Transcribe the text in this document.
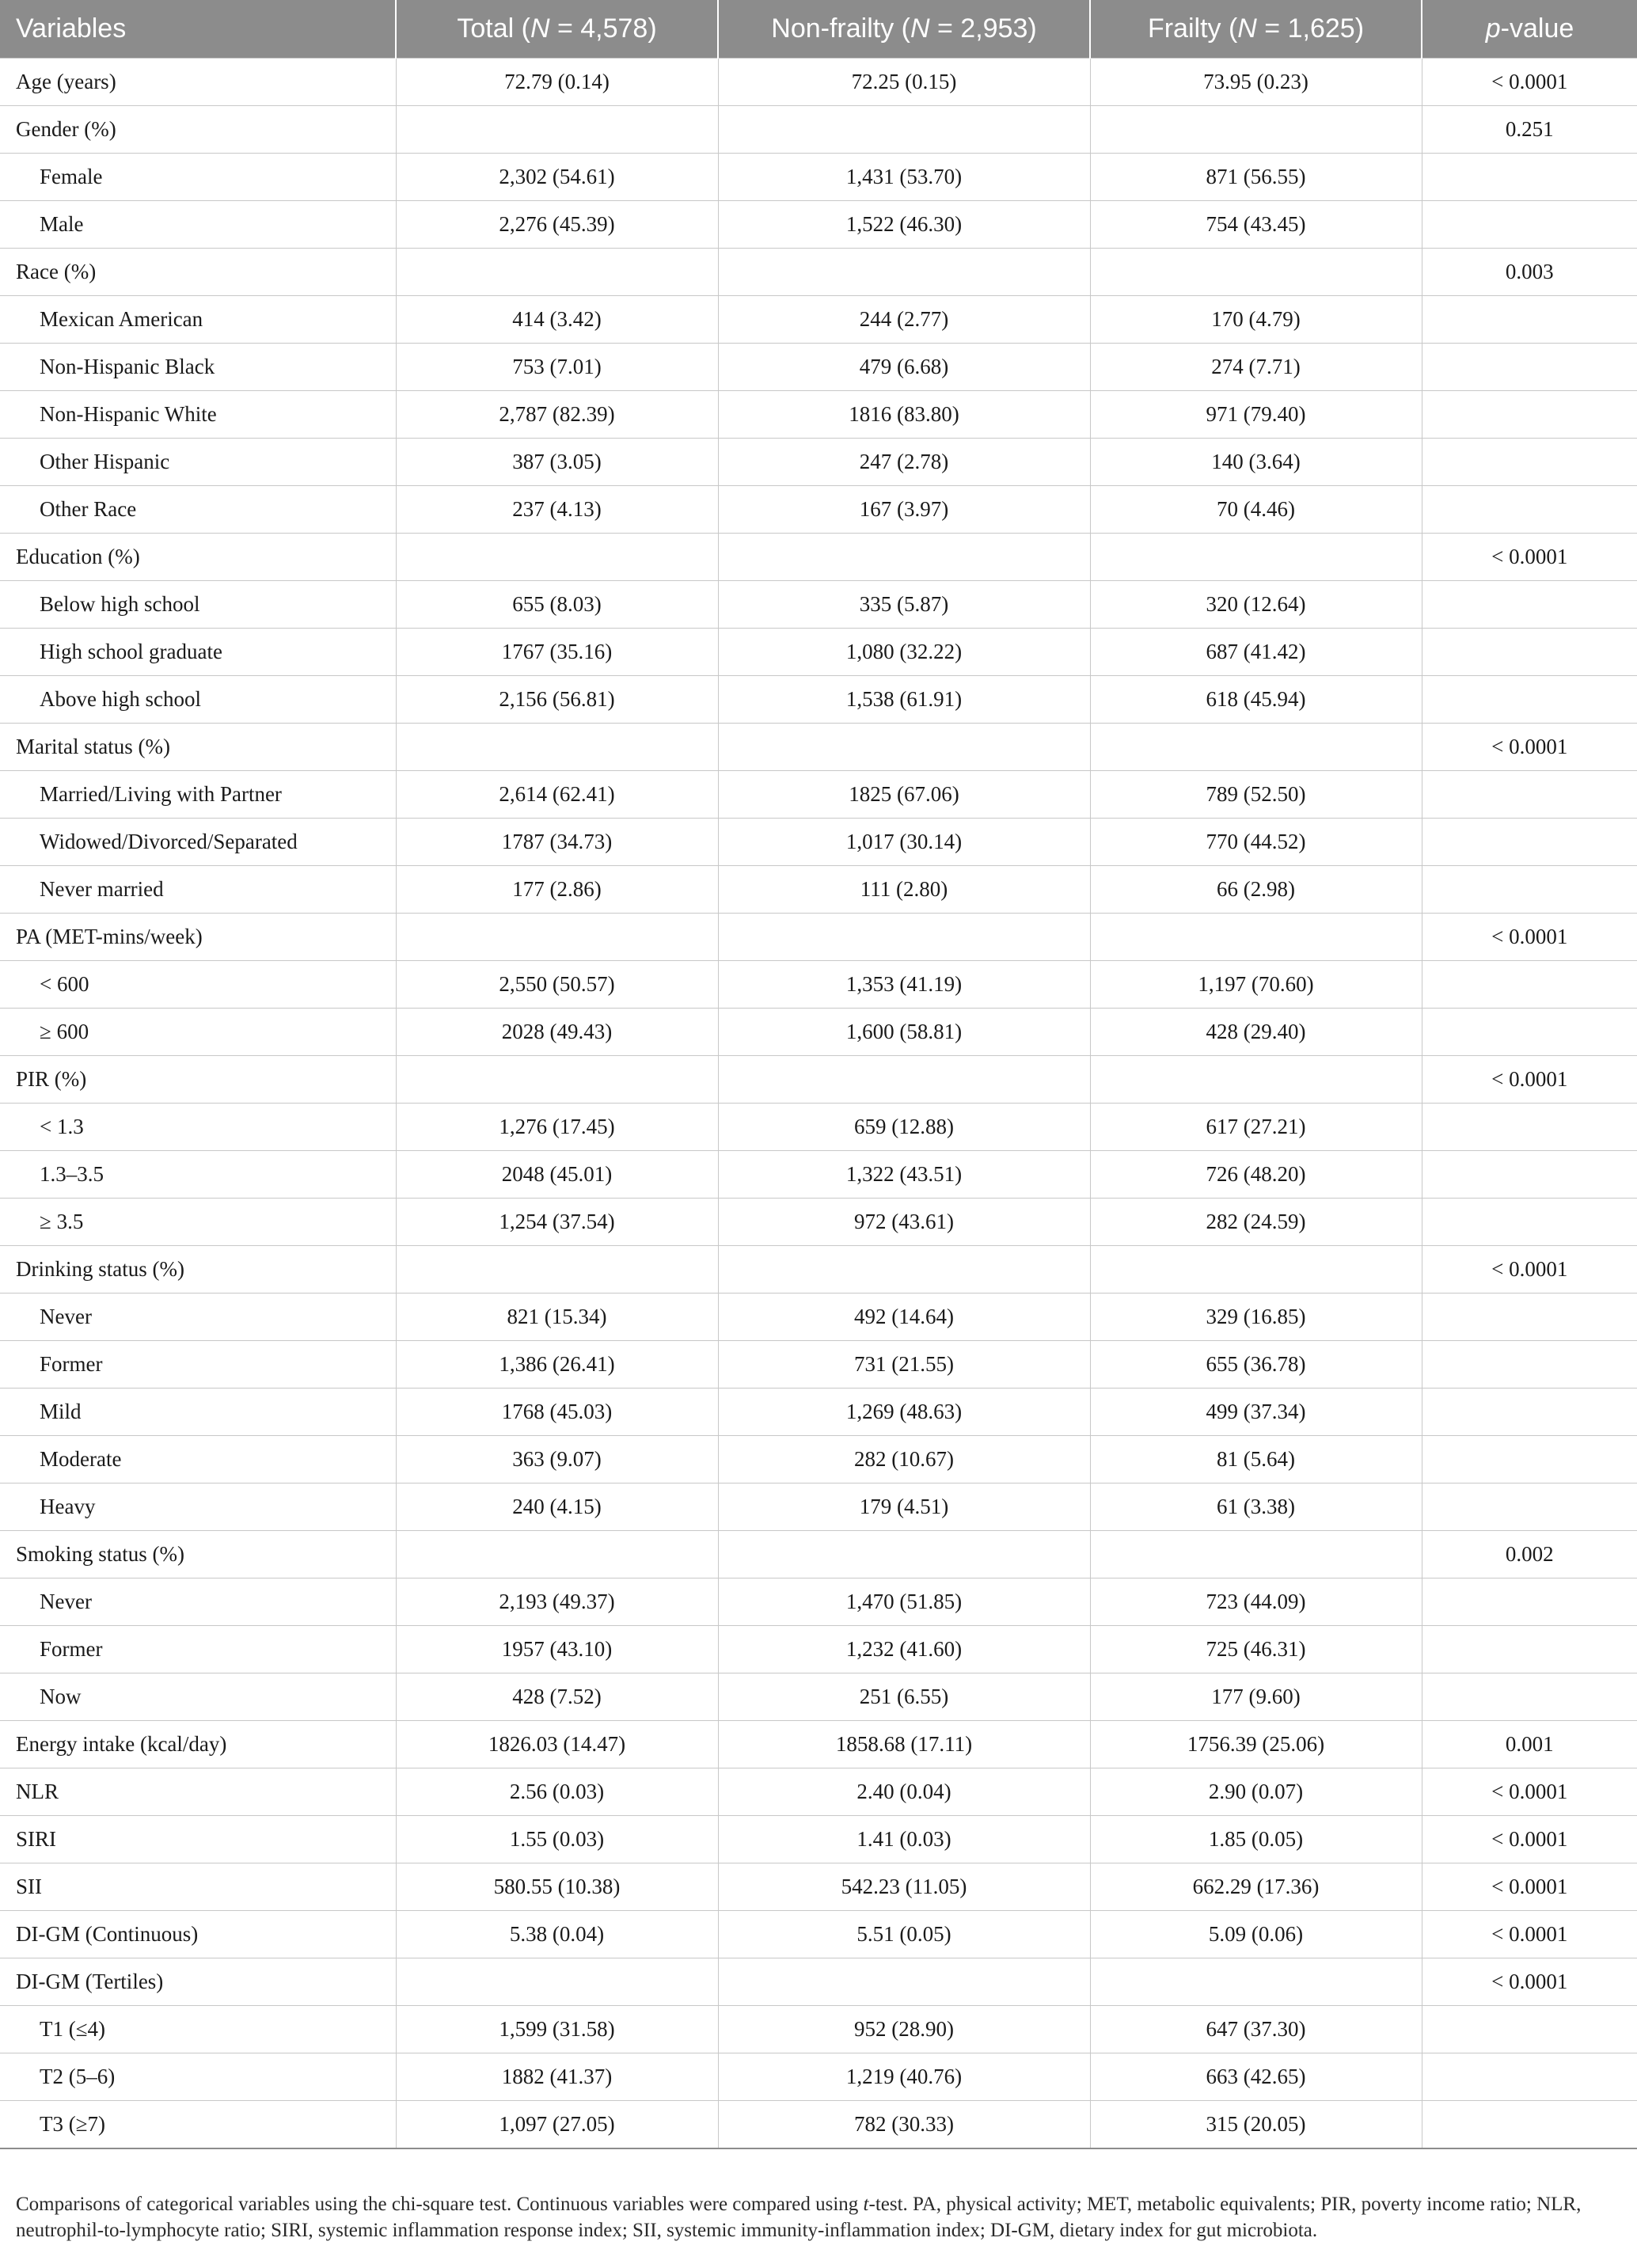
Variables	Total (N = 4,578)	Non-frailty (N = 2,953)	Frailty (N = 1,625)	p-value
Age (years)	72.79 (0.14)	72.25 (0.15)	73.95 (0.23)	< 0.0001
Gender (%)				0.251
Female	2,302 (54.61)	1,431 (53.70)	871 (56.55)	
Male	2,276 (45.39)	1,522 (46.30)	754 (43.45)	
Race (%)				0.003
Mexican American	414 (3.42)	244 (2.77)	170 (4.79)	
Non-Hispanic Black	753 (7.01)	479 (6.68)	274 (7.71)	
Non-Hispanic White	2,787 (82.39)	1816 (83.80)	971 (79.40)	
Other Hispanic	387 (3.05)	247 (2.78)	140 (3.64)	
Other Race	237 (4.13)	167 (3.97)	70 (4.46)	
Education (%)				< 0.0001
Below high school	655 (8.03)	335 (5.87)	320 (12.64)	
High school graduate	1767 (35.16)	1,080 (32.22)	687 (41.42)	
Above high school	2,156 (56.81)	1,538 (61.91)	618 (45.94)	
Marital status (%)				< 0.0001
Married/Living with Partner	2,614 (62.41)	1825 (67.06)	789 (52.50)	
Widowed/Divorced/Separated	1787 (34.73)	1,017 (30.14)	770 (44.52)	
Never married	177 (2.86)	111 (2.80)	66 (2.98)	
PA (MET-mins/week)				< 0.0001
< 600	2,550 (50.57)	1,353 (41.19)	1,197 (70.60)	
≥ 600	2028 (49.43)	1,600 (58.81)	428 (29.40)	
PIR (%)				< 0.0001
< 1.3	1,276 (17.45)	659 (12.88)	617 (27.21)	
1.3–3.5	2048 (45.01)	1,322 (43.51)	726 (48.20)	
≥ 3.5	1,254 (37.54)	972 (43.61)	282 (24.59)	
Drinking status (%)				< 0.0001
Never	821 (15.34)	492 (14.64)	329 (16.85)	
Former	1,386 (26.41)	731 (21.55)	655 (36.78)	
Mild	1768 (45.03)	1,269 (48.63)	499 (37.34)	
Moderate	363 (9.07)	282 (10.67)	81 (5.64)	
Heavy	240 (4.15)	179 (4.51)	61 (3.38)	
Smoking status (%)				0.002
Never	2,193 (49.37)	1,470 (51.85)	723 (44.09)	
Former	1957 (43.10)	1,232 (41.60)	725 (46.31)	
Now	428 (7.52)	251 (6.55)	177 (9.60)	
Energy intake (kcal/day)	1826.03 (14.47)	1858.68 (17.11)	1756.39 (25.06)	0.001
NLR	2.56 (0.03)	2.40 (0.04)	2.90 (0.07)	< 0.0001
SIRI	1.55 (0.03)	1.41 (0.03)	1.85 (0.05)	< 0.0001
SII	580.55 (10.38)	542.23 (11.05)	662.29 (17.36)	< 0.0001
DI-GM (Continuous)	5.38 (0.04)	5.51 (0.05)	5.09 (0.06)	< 0.0001
DI-GM (Tertiles)				< 0.0001
T1 (≤4)	1,599 (31.58)	952 (28.90)	647 (37.30)	
T2 (5–6)	1882 (41.37)	1,219 (40.76)	663 (42.65)	
T3 (≥7)	1,097 (27.05)	782 (30.33)	315 (20.05)	
Comparisons of categorical variables using the chi-square test. Continuous variables were compared using t-test. PA, physical activity; MET, metabolic equivalents; PIR, poverty income ratio; NLR, neutrophil-to-lymphocyte ratio; SIRI, systemic inflammation response index; SII, systemic immunity-inflammation index; DI-GM, dietary index for gut microbiota.
